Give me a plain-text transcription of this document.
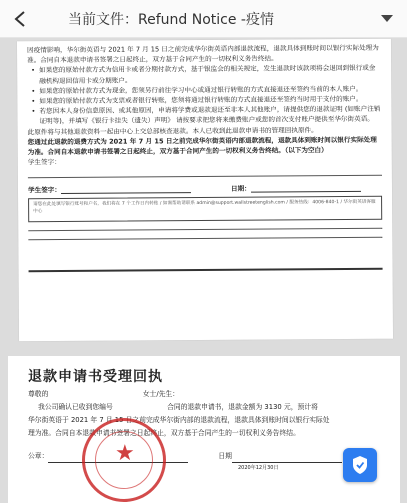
当前文件：Refund Notice -疫情
因疫情影响，华尔街英语与 2021 年 7 月 15 日之前完成华尔街英语内部退款流程，退款具体到账时间以银行实际处理为准。合同自本退款申请书签署之日起终止，双方基于合同产生的一切权利义务告终结。
• 如果您的原始付款方式为信用卡或者分期付款方式，基于银监会的相关规定，发生退款时该款项将会退回到银行或金融机构退回信用卡或分期账户。
• 如果您的原始付款方式为现金，您须另行前往学习中心或通过银行转账的方式直接退还至签约当前的本人账户。
• 如果您的原始付款方式为支票或者银行转账，您须将通过银行转账的方式直接退还至签约当时用于支付的账户。
• 若您因本人身份信息原因、或其他原因，申请将学费或退款退还至非本人其他账户，请提供您的退款证明 (如账户注销证明等)，并填写《银行卡挂失（遗失）声明》 请按要求把您将来缴费账户或您的首次支付账户提供至华尔街英语。
此原件将与其他退款资料一起由中心上交总部核查退款。本人已收到此退款申请书的管理回执原件。
您通过此退款的退费方式为 2021 年 7 月 15 日之前完成华尔街英语内部退款流程，退款具体到账时间以银行实际处理为准。合同自本退款申请书签署之日起终止，双方基于合同产生的一切权利义务告终结。（以下为空白）
学生签字：
学生签字：	日期：
请您在此处填写银行账号和户名，我们将在 7 个工作日内转账 / 如需帮助请联系 admin@support.wallstreetenglish.com / 服务热线：4006-840-1 / 华尔街英语客服中心
退款申请书受理回执
尊敬的	女士/先生：
我公司确认已收到您编号	合同的退款申请书，退款金额为 3130 元，预计将
华尔街英语于 2021 年 7 月 15 日之前完成华尔街内部的退款流程，退款具体到账时间以银行实际处
理为准。合同自本退款申请书签署之日起终止，双方基于合同产生的一切权利义务告终结。
公章：	日期
2020年12月30日
★
